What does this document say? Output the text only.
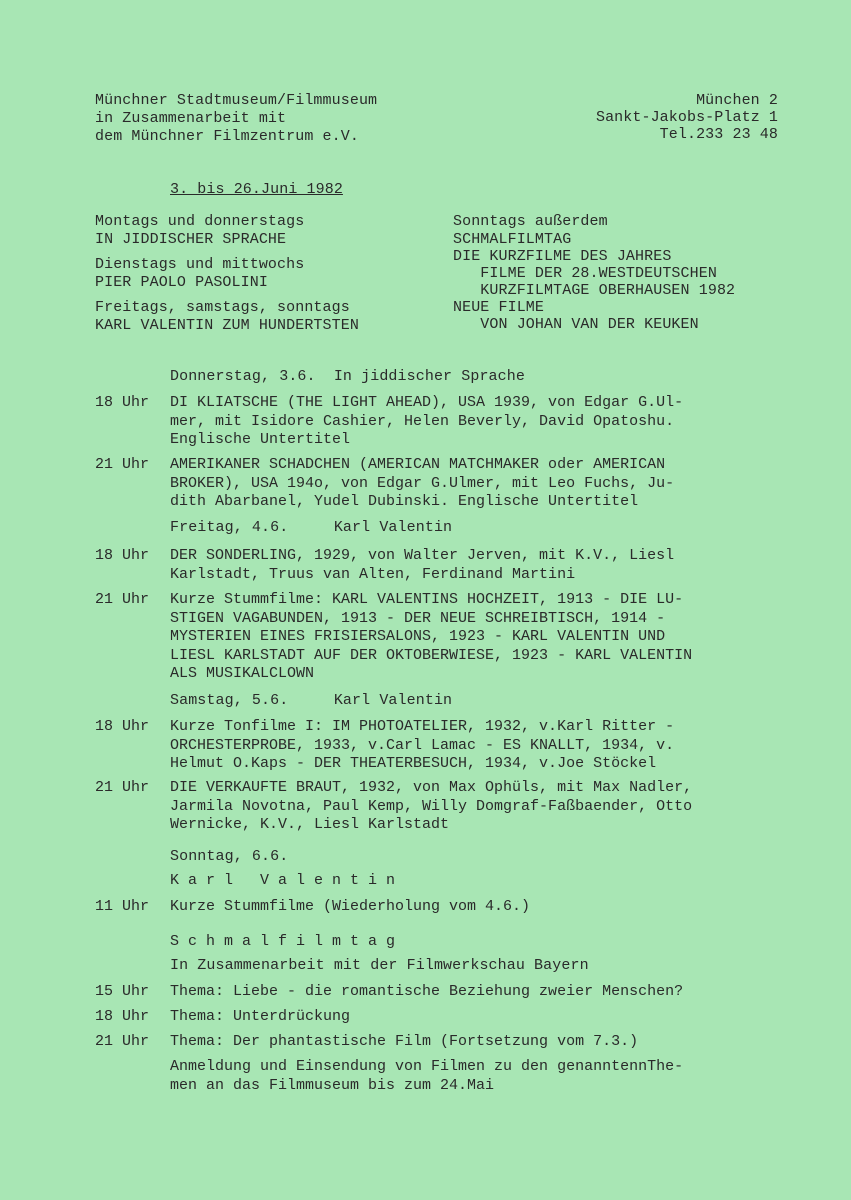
Münchner Stadtmuseum/Filmmuseum
in Zusammenarbeit mit
dem Münchner Filmzentrum e.V.
München 2
Sankt-Jakobs-Platz 1
Tel.233 23 48
3. bis 26.Juni 1982
Montags und donnerstags
IN JIDDISCHER SPRACHE
Dienstags und mittwochs
PIER PAOLO PASOLINI
Freitags, samstags, sonntags
KARL VALENTIN ZUM HUNDERTSTEN
Sonntags außerdem
SCHMALFILMTAG
DIE KURZFILME DES JAHRES
FILME DER 28.WESTDEUTSCHEN
KURZFILMTAGE OBERHAUSEN 1982
NEUE FILME
VON JOHAN VAN DER KEUKEN
Donnerstag, 3.6.  In jiddischer Sprache
18 Uhr DI KLIATSCHE (THE LIGHT AHEAD), USA 1939, von Edgar G.Ul-
mer, mit Isidore Cashier, Helen Beverly, David Opatoshu.
Englische Untertitel
21 Uhr AMERIKANER SCHADCHEN (AMERICAN MATCHMAKER oder AMERICAN
BROKER), USA 194o, von Edgar G.Ulmer, mit Leo Fuchs, Ju-
dith Abarbanel, Yudel Dubinski. Englische Untertitel
Freitag, 4.6.     Karl Valentin
18 Uhr DER SONDERLING, 1929, von Walter Jerven, mit K.V., Liesl
Karlstadt, Truus van Alten, Ferdinand Martini
21 Uhr Kurze Stummfilme: KARL VALENTINS HOCHZEIT, 1913 - DIE LU-
STIGEN VAGABUNDEN, 1913 - DER NEUE SCHREIBTISCH, 1914 -
MYSTERIEN EINES FRISIERSALONS, 1923 - KARL VALENTIN UND
LIESL KARLSTADT AUF DER OKTOBERWIESE, 1923 - KARL VALENTIN
ALS MUSIKALCLOWN
Samstag, 5.6.     Karl Valentin
18 Uhr Kurze Tonfilme I: IM PHOTOATELIER, 1932, v.Karl Ritter -
ORCHESTERPROBE, 1933, v.Carl Lamac - ES KNALLT, 1934, v.
Helmut O.Kaps - DER THEATERBESUCH, 1934, v.Joe Stöckel
21 Uhr DIE VERKAUFTE BRAUT, 1932, von Max Ophüls, mit Max Nadler,
Jarmila Novotna, Paul Kemp, Willy Domgraf-Faßbaender, Otto
Wernicke, K.V., Liesl Karlstadt
Sonntag, 6.6.
Karl Valentin
11 Uhr Kurze Stummfilme (Wiederholung vom 4.6.)
Schmalfilmtag
In Zusammenarbeit mit der Filmwerkschau Bayern
15 Uhr Thema: Liebe - die romantische Beziehung zweier Menschen?
18 Uhr Thema: Unterdrückung
21 Uhr Thema: Der phantastische Film (Fortsetzung vom 7.3.)
Anmeldung und Einsendung von Filmen zu den genanntennThe-
men an das Filmmuseum bis zum 24.Mai
